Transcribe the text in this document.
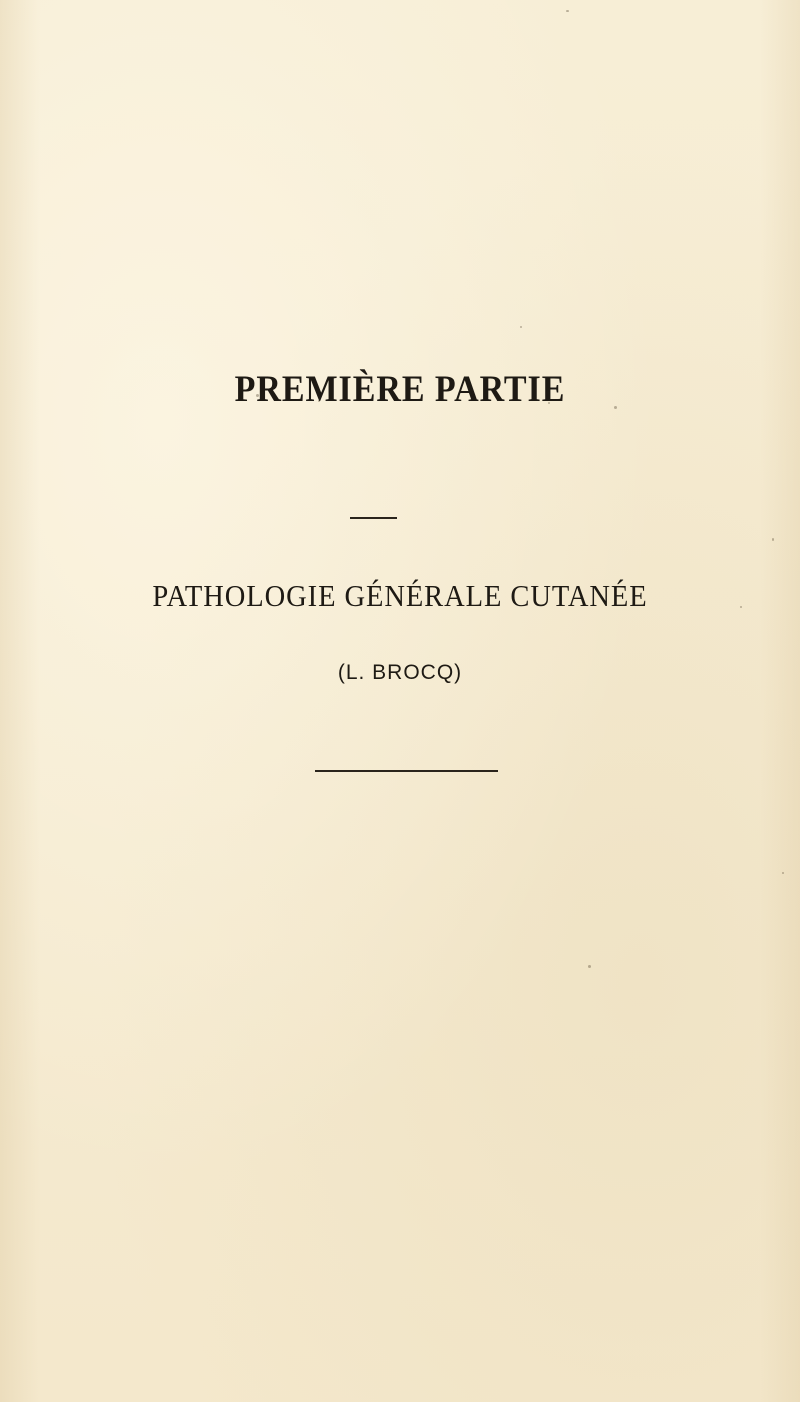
PREMIÈRE PARTIE
PATHOLOGIE GÉNÉRALE CUTANÉE
(L. BROCQ)
